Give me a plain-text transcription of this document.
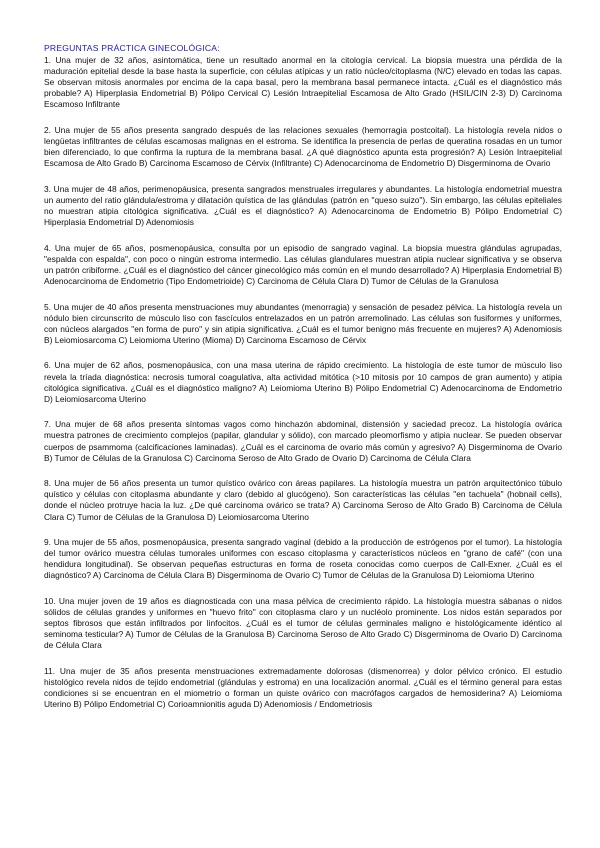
PREGUNTAS PRÁCTICA GINECOLÓGICA:

1. Una mujer de 32 años, asintomática, tiene un resultado anormal en la citología cervical. La biopsia muestra una pérdida de la maduración epitelial desde la base hasta la superficie, con células atípicas y un ratio núcleo/citoplasma (N/C) elevado en todas las capas. Se observan mitosis anormales por encima de la capa basal, pero la membrana basal permanece intacta. ¿Cuál es el diagnóstico más probable? A) Hiperplasia Endometrial B) Pólipo Cervical C) Lesión Intraepitelial Escamosa de Alto Grado (HSIL/CIN 2-3) D) Carcinoma Escamoso Infiltrante

2. Una mujer de 55 años presenta sangrado después de las relaciones sexuales (hemorragia postcoital). La histología revela nidos o lengüetas infiltrantes de células escamosas malignas en el estroma. Se identifica la presencia de perlas de queratina rosadas en un tumor bien diferenciado, lo que confirma la ruptura de la membrana basal. ¿A qué diagnóstico apunta esta progresión? A) Lesión Intraepitelial Escamosa de Alto Grado B) Carcinoma Escamoso de Cérvix (Infiltrante) C) Adenocarcinoma de Endometrio D) Disgerminoma de Ovario

3. Una mujer de 48 años, perimenopáusica, presenta sangrados menstruales irregulares y abundantes. La histología endometrial muestra un aumento del ratio glándula/estroma y dilatación quística de las glándulas (patrón en "queso suizo"). Sin embargo, las células epiteliales no muestran atipia citológica significativa. ¿Cuál es el diagnóstico? A) Adenocarcinoma de Endometrio B) Pólipo Endometrial C) Hiperplasia Endometrial D) Adenomiosis

4. Una mujer de 65 años, posmenopáusica, consulta por un episodio de sangrado vaginal. La biopsia muestra glándulas agrupadas, "espalda con espalda", con poco o ningún estroma intermedio. Las células glandulares muestran atipia nuclear significativa y se observa un patrón cribiforme. ¿Cuál es el diagnóstico del cáncer ginecológico más común en el mundo desarrollado? A) Hiperplasia Endometrial B) Adenocarcinoma de Endometrio (Tipo Endometrioide) C) Carcinoma de Célula Clara D) Tumor de Células de la Granulosa

5. Una mujer de 40 años presenta menstruaciones muy abundantes (menorragia) y sensación de pesadez pélvica. La histología revela un nódulo bien circunscrito de músculo liso con fascículos entrelazados en un patrón arremolinado. Las células son fusiformes y uniformes, con núcleos alargados "en forma de puro" y sin atipia significativa. ¿Cuál es el tumor benigno más frecuente en mujeres? A) Adenomiosis B) Leiomiosarcoma C) Leiomioma Uterino (Mioma) D) Carcinoma Escamoso de Cérvix

6. Una mujer de 62 años, posmenopáusica, con una masa uterina de rápido crecimiento. La histología de este tumor de músculo liso revela la tríada diagnóstica: necrosis tumoral coagulativa, alta actividad mitótica (>10 mitosis por 10 campos de gran aumento) y atipia citológica significativa. ¿Cuál es el diagnóstico maligno? A) Leiomioma Uterino B) Pólipo Endometrial C) Adenocarcinoma de Endometrio D) Leiomiosarcoma Uterino

7. Una mujer de 68 años presenta síntomas vagos como hinchazón abdominal, distensión y saciedad precoz. La histología ovárica muestra patrones de crecimiento complejos (papilar, glandular y sólido), con marcado pleomorfismo y atipia nuclear. Se pueden observar cuerpos de psammoma (calcificaciones laminadas). ¿Cuál es el carcinoma de ovario más común y agresivo? A) Disgerminoma de Ovario B) Tumor de Células de la Granulosa C) Carcinoma Seroso de Alto Grado de Ovario D) Carcinoma de Célula Clara

8. Una mujer de 56 años presenta un tumor quístico ovárico con áreas papilares. La histología muestra un patrón arquitectónico túbulo quístico y células con citoplasma abundante y claro (debido al glucógeno). Son características las células "en tachuela" (hobnail cells), donde el núcleo protruye hacia la luz. ¿De qué carcinoma ovárico se trata? A) Carcinoma Seroso de Alto Grado B) Carcinoma de Célula Clara C) Tumor de Células de la Granulosa D) Leiomiosarcoma Uterino

9. Una mujer de 55 años, posmenopáusica, presenta sangrado vaginal (debido a la producción de estrógenos por el tumor). La histología del tumor ovárico muestra células tumorales uniformes con escaso citoplasma y característicos núcleos en "grano de café" (con una hendidura longitudinal). Se observan pequeñas estructuras en forma de roseta conocidas como cuerpos de Call-Exner. ¿Cuál es el diagnóstico? A) Carcinoma de Célula Clara B) Disgerminoma de Ovario C) Tumor de Células de la Granulosa D) Leiomioma Uterino

10. Una mujer joven de 19 años es diagnosticada con una masa pélvica de crecimiento rápido. La histología muestra sábanas o nidos sólidos de células grandes y uniformes en "huevo frito" con citoplasma claro y un nucléolo prominente. Los nidos están separados por septos fibrosos que están infiltrados por linfocitos. ¿Cuál es el tumor de células germinales maligno e histológicamente idéntico al seminoma testicular? A) Tumor de Células de la Granulosa B) Carcinoma Seroso de Alto Grado C) Disgerminoma de Ovario D) Carcinoma de Célula Clara

11. Una mujer de 35 años presenta menstruaciones extremadamente dolorosas (dismenorrea) y dolor pélvico crónico. El estudio histológico revela nidos de tejido endometrial (glándulas y estroma) en una localización anormal. ¿Cuál es el término general para estas condiciones si se encuentran en el miometrio o forman un quiste ovárico con macrófagos cargados de hemosiderina? A) Leiomioma Uterino B) Pólipo Endometrial C) Corioamnionitis aguda D) Adenomiosis / Endometriosis
